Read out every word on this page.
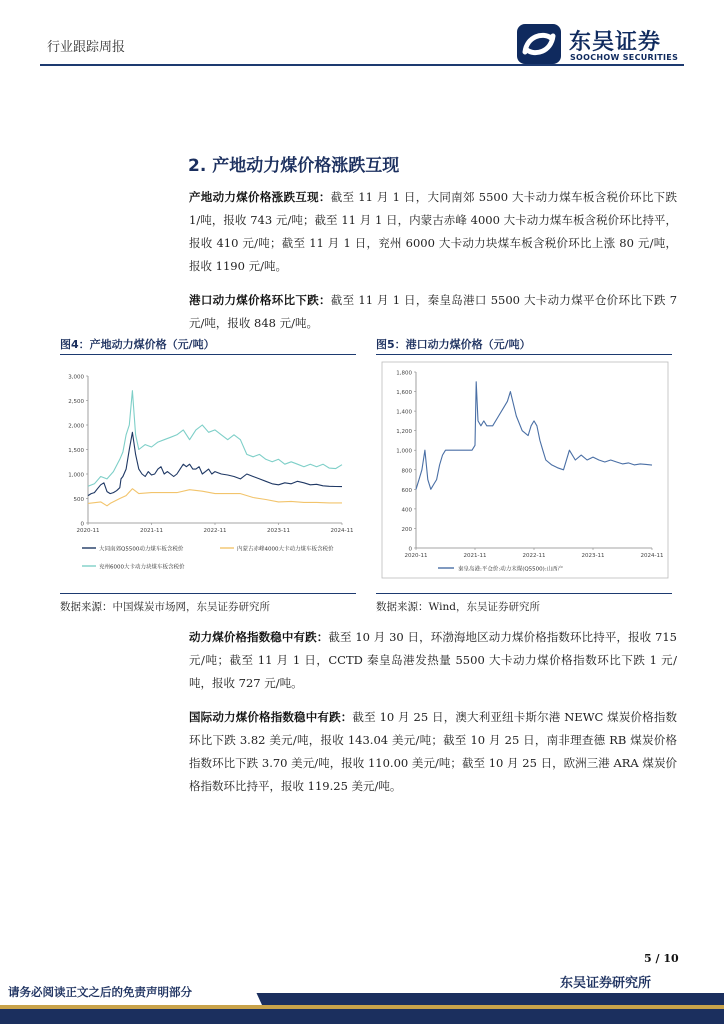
行业跟踪周报	东吴证券
SOOCHOW SECURITIES
2. 产地动力煤价格涨跌互现
产地动力煤价格涨跌互现：截至 11 月 1 日，大同南郊 5500 大卡动力煤车板含税价环比下跌 1/吨，报收 743 元/吨；截至 11 月 1 日，内蒙古赤峰 4000 大卡动力煤车板含税价环比持平，报收 410 元/吨；截至 11 月 1 日，兖州 6000 大卡动力块煤车板含税价环比上涨 80 元/吨，报收 1190 元/吨。
港口动力煤价格环比下跌：截至 11 月 1 日，秦皇岛港口 5500 大卡动力煤平仓价环比下跌 7 元/吨，报收 848 元/吨。
图4：产地动力煤价格（元/吨）	图5：港口动力煤价格（元/吨）
0
500
1,000
1,500
2,000
2,500
3,000
2020-11	2021-11	2022-11	2023-11	2024-11
大同南郊Q5500动力煤车板含税价	内蒙古赤峰4000大卡动力煤车板含税价
兖州6000大卡动力块煤车板含税价
0
200
400
600
800
1,000
1,200
1,400
1,600
1,800
2020-11	2021-11	2022-11	2023-11	2024-11
秦皇岛港:平仓价:动力末煤(Q5500):山西产
数据来源：中国煤炭市场网，东吴证券研究所	数据来源：Wind，东吴证券研究所
动力煤价格指数稳中有跌：截至 10 月 30 日，环渤海地区动力煤价格指数环比持平，报收 715 元/吨；截至 11 月 1 日，CCTD 秦皇岛港发热量 5500 大卡动力煤价格指数环比下跌 1 元/吨，报收 727 元/吨。
国际动力煤价格指数稳中有跌：截至 10 月 25 日，澳大利亚纽卡斯尔港 NEWC 煤炭价格指数环比下跌 3.82 美元/吨，报收 143.04 美元/吨；截至 10 月 25 日，南非理查德 RB 煤炭价格指数环比下跌 3.70 美元/吨，报收 110.00 美元/吨；截至 10 月 25 日，欧洲三港 ARA 煤炭价格指数环比持平，报收 119.25 美元/吨。
5 / 10
请务必阅读正文之后的免责声明部分
东吴证券研究所
